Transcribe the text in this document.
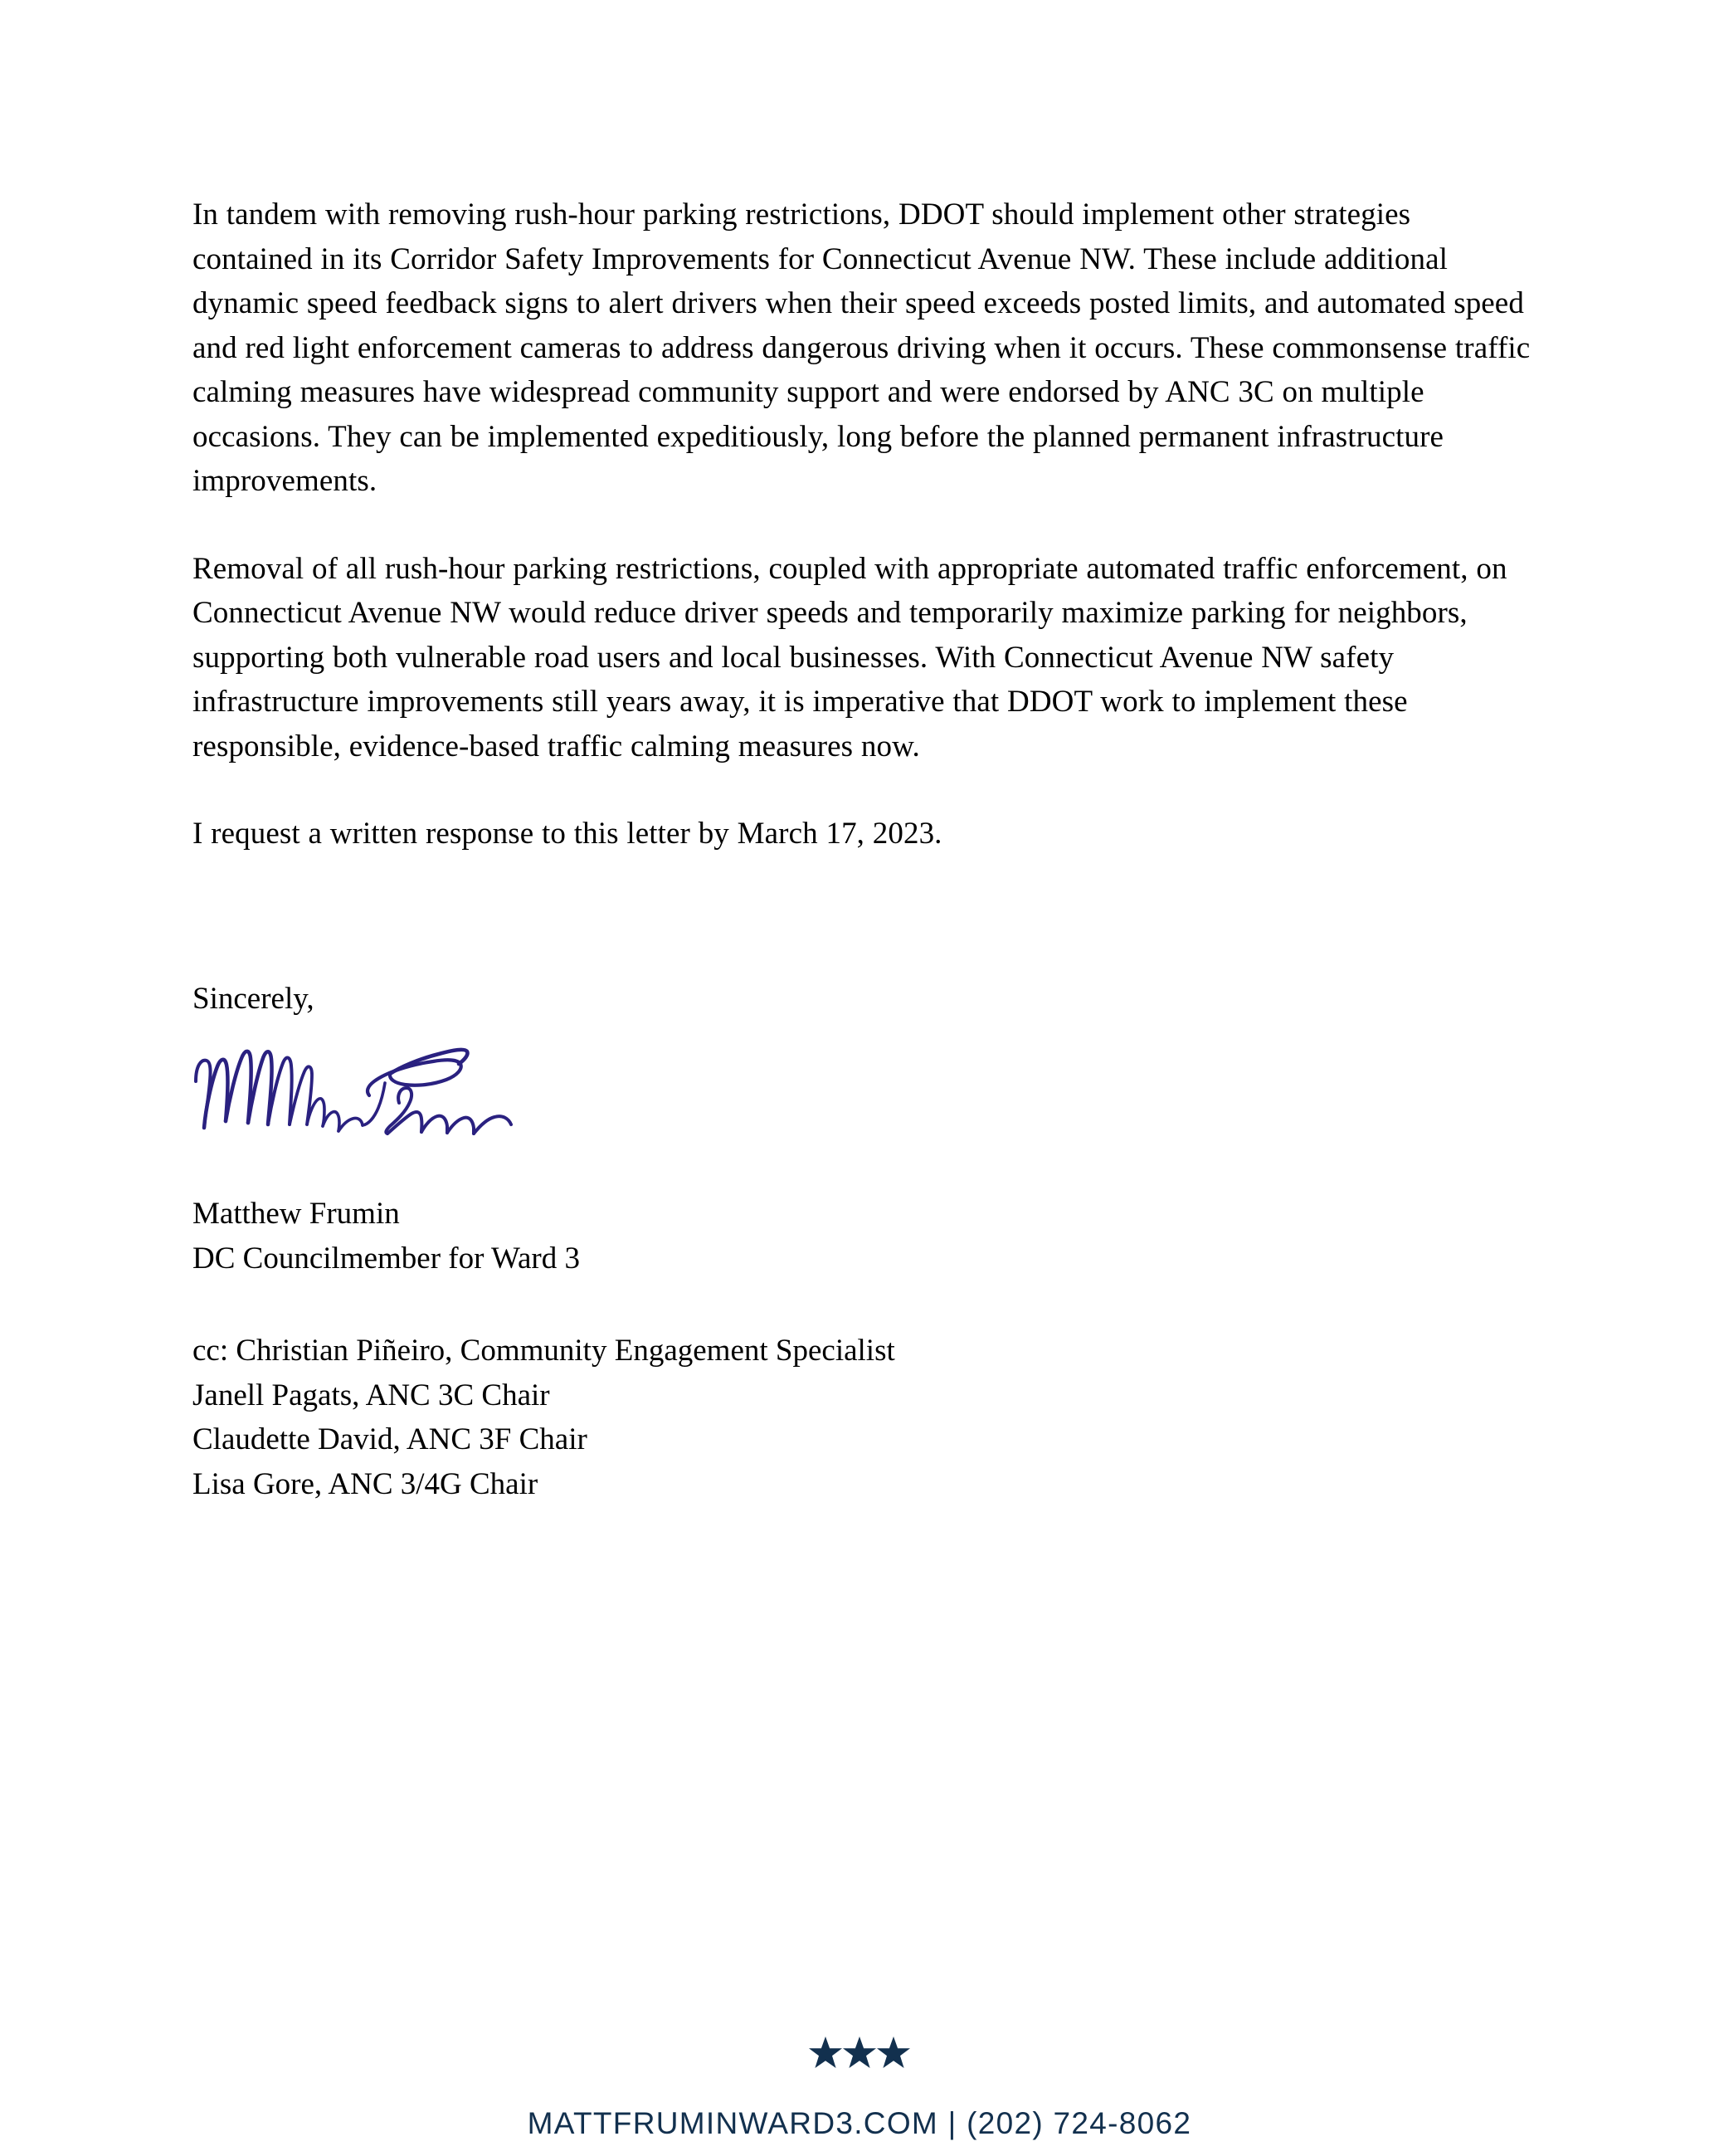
In tandem with removing rush-hour parking restrictions, DDOT should implement other strategies contained in its Corridor Safety Improvements for Connecticut Avenue NW. These include additional dynamic speed feedback signs to alert drivers when their speed exceeds posted limits, and automated speed and red light enforcement cameras to address dangerous driving when it occurs. These commonsense traffic calming measures have widespread community support and were endorsed by ANC 3C on multiple occasions. They can be implemented expeditiously, long before the planned permanent infrastructure improvements.

Removal of all rush-hour parking restrictions, coupled with appropriate automated traffic enforcement, on Connecticut Avenue NW would reduce driver speeds and temporarily maximize parking for neighbors, supporting both vulnerable road users and local businesses. With Connecticut Avenue NW safety infrastructure improvements still years away, it is imperative that DDOT work to implement these responsible, evidence-based traffic calming measures now.

I request a written response to this letter by March 17, 2023.

Sincerely,
Matthew Frumin
DC Councilmember for Ward 3
cc: Christian Piñeiro, Community Engagement Specialist
Janell Pagats, ANC 3C Chair
Claudette David, ANC 3F Chair
Lisa Gore, ANC 3/4G Chair
MATTFRUMINWARD3.COM | (202) 724-8062
